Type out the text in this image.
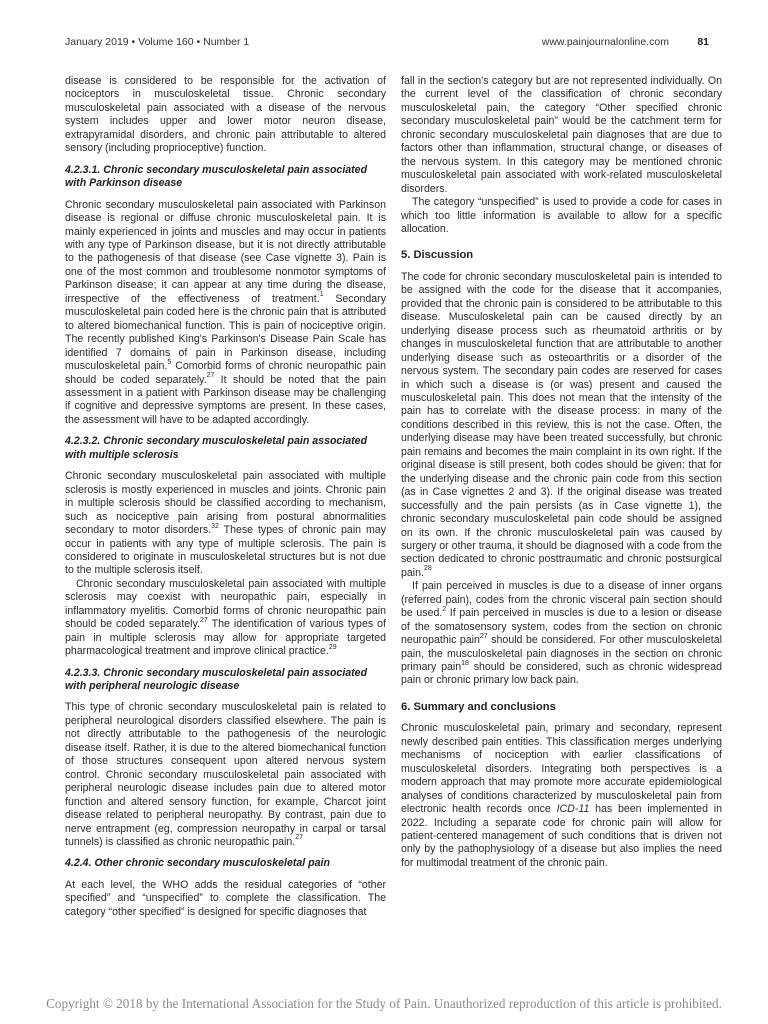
January 2019 • Volume 160 • Number 1	www.painjournalonline.com	81

disease is considered to be responsible for the activation of nociceptors in musculoskeletal tissue. Chronic secondary musculoskeletal pain associated with a disease of the nervous system includes upper and lower motor neuron disease, extrapyramidal disorders, and chronic pain attributable to altered sensory (including proprioceptive) function.

4.2.3.1. Chronic secondary musculoskeletal pain associated with Parkinson disease

Chronic secondary musculoskeletal pain associated with Parkinson disease is regional or diffuse chronic musculoskeletal pain. It is mainly experienced in joints and muscles and may occur in patients with any type of Parkinson disease, but it is not directly attributable to the pathogenesis of that disease (see Case vignette 3). Pain is one of the most common and troublesome nonmotor symptoms of Parkinson disease; it can appear at any time during the disease, irrespective of the effectiveness of treatment.$^1$ Secondary musculoskeletal pain coded here is the chronic pain that is attributed to altered biomechanical function. This is pain of nociceptive origin. The recently published King's Parkinson's Disease Pain Scale has identified 7 domains of pain in Parkinson disease, including musculoskeletal pain.$^5$ Comorbid forms of chronic neuropathic pain should be coded separately.$^{27}$ It should be noted that the pain assessment in a patient with Parkinson disease may be challenging if cognitive and depressive symptoms are present. In these cases, the assessment will have to be adapted accordingly.

4.2.3.2. Chronic secondary musculoskeletal pain associated with multiple sclerosis

Chronic secondary musculoskeletal pain associated with multiple sclerosis is mostly experienced in muscles and joints. Chronic pain in multiple sclerosis should be classified according to mechanism, such as nociceptive pain arising from postural abnormalities secondary to motor disorders.$^{32}$ These types of chronic pain may occur in patients with any type of multiple sclerosis. The pain is considered to originate in musculoskeletal structures but is not due to the multiple sclerosis itself.

Chronic secondary musculoskeletal pain associated with multiple sclerosis may coexist with neuropathic pain, especially in inflammatory myelitis. Comorbid forms of chronic neuropathic pain should be coded separately.$^{27}$ The identification of various types of pain in multiple sclerosis may allow for appropriate targeted pharmacological treatment and improve clinical practice.$^{29}$

4.2.3.3. Chronic secondary musculoskeletal pain associated with peripheral neurologic disease

This type of chronic secondary musculoskeletal pain is related to peripheral neurological disorders classified elsewhere. The pain is not directly attributable to the pathogenesis of the neurologic disease itself. Rather, it is due to the altered biomechanical function of those structures consequent upon altered nervous system control. Chronic secondary musculoskeletal pain associated with peripheral neurologic disease includes pain due to altered motor function and altered sensory function, for example, Charcot joint disease related to peripheral neuropathy. By contrast, pain due to nerve entrapment (eg, compression neuropathy in carpal or tarsal tunnels) is classified as chronic neuropathic pain.$^{27}$

4.2.4. Other chronic secondary musculoskeletal pain

At each level, the WHO adds the residual categories of “other specified” and “unspecified” to complete the classification. The category “other specified” is designed for specific diagnoses that

fall in the section’s category but are not represented individually. On the current level of the classification of chronic secondary musculoskeletal pain, the category “Other specified chronic secondary musculoskeletal pain” would be the catchment term for chronic secondary musculoskeletal pain diagnoses that are due to factors other than inflammation, structural change, or diseases of the nervous system. In this category may be mentioned chronic musculoskeletal pain associated with work-related musculoskeletal disorders.

The category “unspecified” is used to provide a code for cases in which too little information is available to allow for a specific allocation.

5. Discussion

The code for chronic secondary musculoskeletal pain is intended to be assigned with the code for the disease that it accompanies, provided that the chronic pain is considered to be attributable to this disease. Musculoskeletal pain can be caused directly by an underlying disease process such as rheumatoid arthritis or by changes in musculoskeletal function that are attributable to another underlying disease such as osteoarthritis or a disorder of the nervous system. The secondary pain codes are reserved for cases in which such a disease is (or was) present and caused the musculoskeletal pain. This does not mean that the intensity of the pain has to correlate with the disease process: in many of the conditions described in this review, this is not the case. Often, the underlying disease may have been treated successfully, but chronic pain remains and becomes the main complaint in its own right. If the original disease is still present, both codes should be given: that for the underlying disease and the chronic pain code from this section (as in Case vignettes 2 and 3). If the original disease was treated successfully and the pain persists (as in Case vignette 1), the chronic secondary musculoskeletal pain code should be assigned on its own. If the chronic musculoskeletal pain was caused by surgery or other trauma, it should be diagnosed with a code from the section dedicated to chronic posttraumatic and chronic postsurgical pain.$^{28}$

If pain perceived in muscles is due to a disease of inner organs (referred pain), codes from the chronic visceral pain section should be used.$^2$ If pain perceived in muscles is due to a lesion or disease of the somatosensory system, codes from the section on chronic neuropathic pain$^{27}$ should be considered. For other musculoskeletal pain, the musculoskeletal pain diagnoses in the section on chronic primary pain$^{18}$ should be considered, such as chronic widespread pain or chronic primary low back pain.

6. Summary and conclusions

Chronic musculoskeletal pain, primary and secondary, represent newly described pain entities. This classification merges underlying mechanisms of nociception with earlier classifications of musculoskeletal disorders. Integrating both perspectives is a modern approach that may promote more accurate epidemiological analyses of conditions characterized by musculoskeletal pain from electronic health records once ICD-11 has been implemented in 2022. Including a separate code for chronic pain will allow for patient-centered management of such conditions that is driven not only by the pathophysiology of a disease but also implies the need for multimodal treatment of the chronic pain.

Copyright © 2018 by the International Association for the Study of Pain. Unauthorized reproduction of this article is prohibited.
